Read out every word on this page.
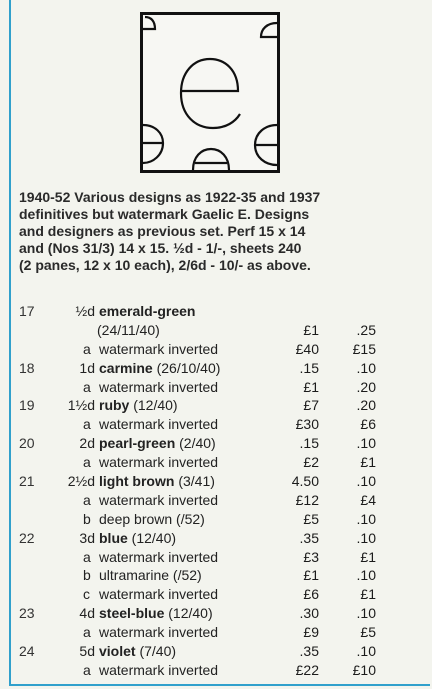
1940-52 Various designs as 1922-35 and 1937
definitives but watermark Gaelic E. Designs
and designers as previous set. Perf 15 x 14
and (Nos 31/3) 14 x 15. ½d - 1/-, sheets 240
(2 panes, 12 x 10 each), 2/6d - 10/- as above.
17	½d emerald-green
(24/11/40)	£1	.25
a watermark inverted	£40 £15
18	1d carmine (26/10/40)	.15	.10
a watermark inverted	£1	.20
19	1½d ruby (12/40)	£7	.20
a watermark inverted	£30	£6
20	2d pearl-green (2/40)	.15	.10
a watermark inverted	£2	£1
21	2½d light brown (3/41)	4.50	.10
a watermark inverted	£12	£4
b deep brown (/52)	£5	.10
22	3d blue (12/40)	.35	.10
a watermark inverted	£3	£1
b ultramarine (/52)	£1	.10
c watermark inverted	£6	£1
23	4d steel-blue (12/40)	.30	.10
a watermark inverted	£9	£5
24	5d violet (7/40)	.35	.10
a watermark inverted	£22 £10
